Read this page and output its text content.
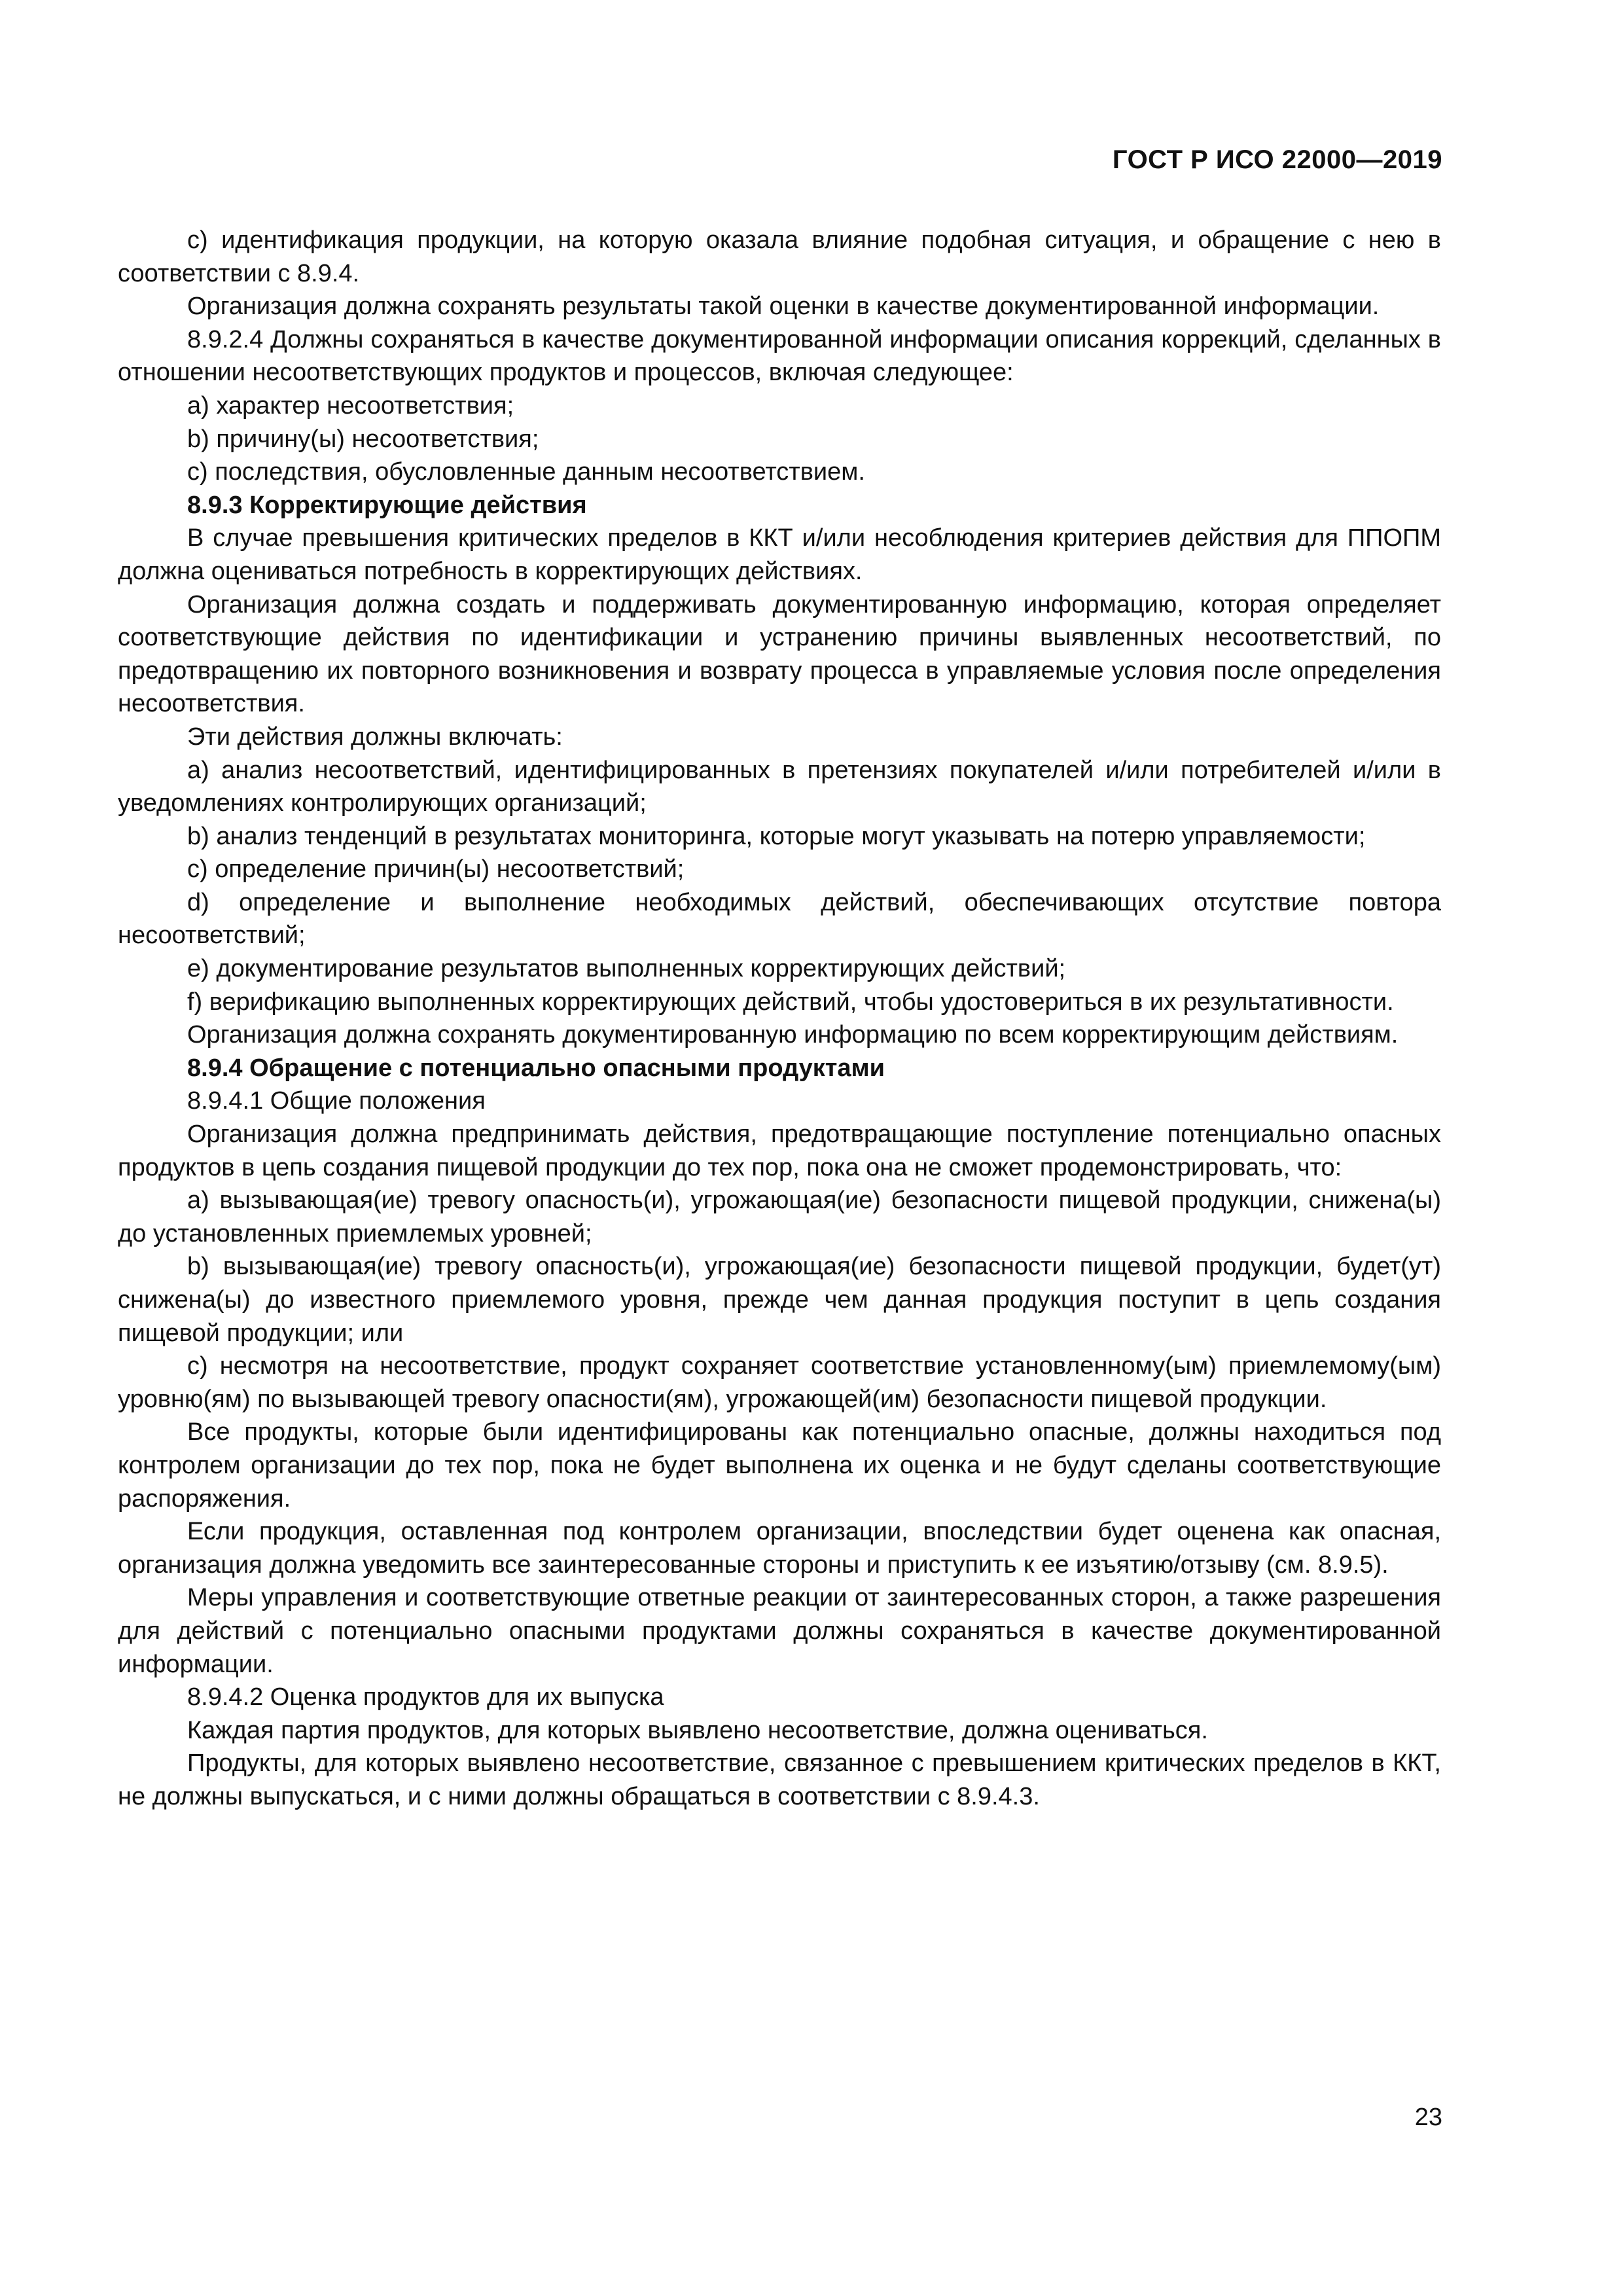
ГОСТ Р ИСО 22000—2019

c) идентификация продукции, на которую оказала влияние подобная ситуация, и обращение с нею в соответствии с 8.9.4.

Организация должна сохранять результаты такой оценки в качестве документированной информации.

8.9.2.4 Должны сохраняться в качестве документированной информации описания коррекций, сделанных в отношении несоответствующих продуктов и процессов, включая следующее:

a) характер несоответствия;

b) причину(ы) несоответствия;

c) последствия, обусловленные данным несоответствием.

8.9.3 Корректирующие действия

В случае превышения критических пределов в ККТ и/или несоблюдения критериев действия для ППОПМ должна оцениваться потребность в корректирующих действиях.

Организация должна создать и поддерживать документированную информацию, которая определяет соответствующие действия по идентификации и устранению причины выявленных несоответствий, по предотвращению их повторного возникновения и возврату процесса в управляемые условия после определения несоответствия.

Эти действия должны включать:

a) анализ несоответствий, идентифицированных в претензиях покупателей и/или потребителей и/или в уведомлениях контролирующих организаций;

b) анализ тенденций в результатах мониторинга, которые могут указывать на потерю управляемости;

c) определение причин(ы) несоответствий;

d) определение и выполнение необходимых действий, обеспечивающих отсутствие повтора несоответствий;

e) документирование результатов выполненных корректирующих действий;

f) верификацию выполненных корректирующих действий, чтобы удостовериться в их результативности.

Организация должна сохранять документированную информацию по всем корректирующим действиям.

8.9.4 Обращение с потенциально опасными продуктами

8.9.4.1 Общие положения

Организация должна предпринимать действия, предотвращающие поступление потенциально опасных продуктов в цепь создания пищевой продукции до тех пор, пока она не сможет продемонстрировать, что:

a) вызывающая(ие) тревогу опасность(и), угрожающая(ие) безопасности пищевой продукции, снижена(ы) до установленных приемлемых уровней;

b) вызывающая(ие) тревогу опасность(и), угрожающая(ие) безопасности пищевой продукции, будет(ут) снижена(ы) до известного приемлемого уровня, прежде чем данная продукция поступит в цепь создания пищевой продукции; или

c) несмотря на несоответствие, продукт сохраняет соответствие установленному(ым) приемлемому(ым) уровню(ям) по вызывающей тревогу опасности(ям), угрожающей(им) безопасности пищевой продукции.

Все продукты, которые были идентифицированы как потенциально опасные, должны находиться под контролем организации до тех пор, пока не будет выполнена их оценка и не будут сделаны соответствующие распоряжения.

Если продукция, оставленная под контролем организации, впоследствии будет оценена как опасная, организация должна уведомить все заинтересованные стороны и приступить к ее изъятию/отзыву (см. 8.9.5).

Меры управления и соответствующие ответные реакции от заинтересованных сторон, а также разрешения для действий с потенциально опасными продуктами должны сохраняться в качестве документированной информации.

8.9.4.2 Оценка продуктов для их выпуска

Каждая партия продуктов, для которых выявлено несоответствие, должна оцениваться.

Продукты, для которых выявлено несоответствие, связанное с превышением критических пределов в ККТ, не должны выпускаться, и с ними должны обращаться в соответствии с 8.9.4.3.

23
